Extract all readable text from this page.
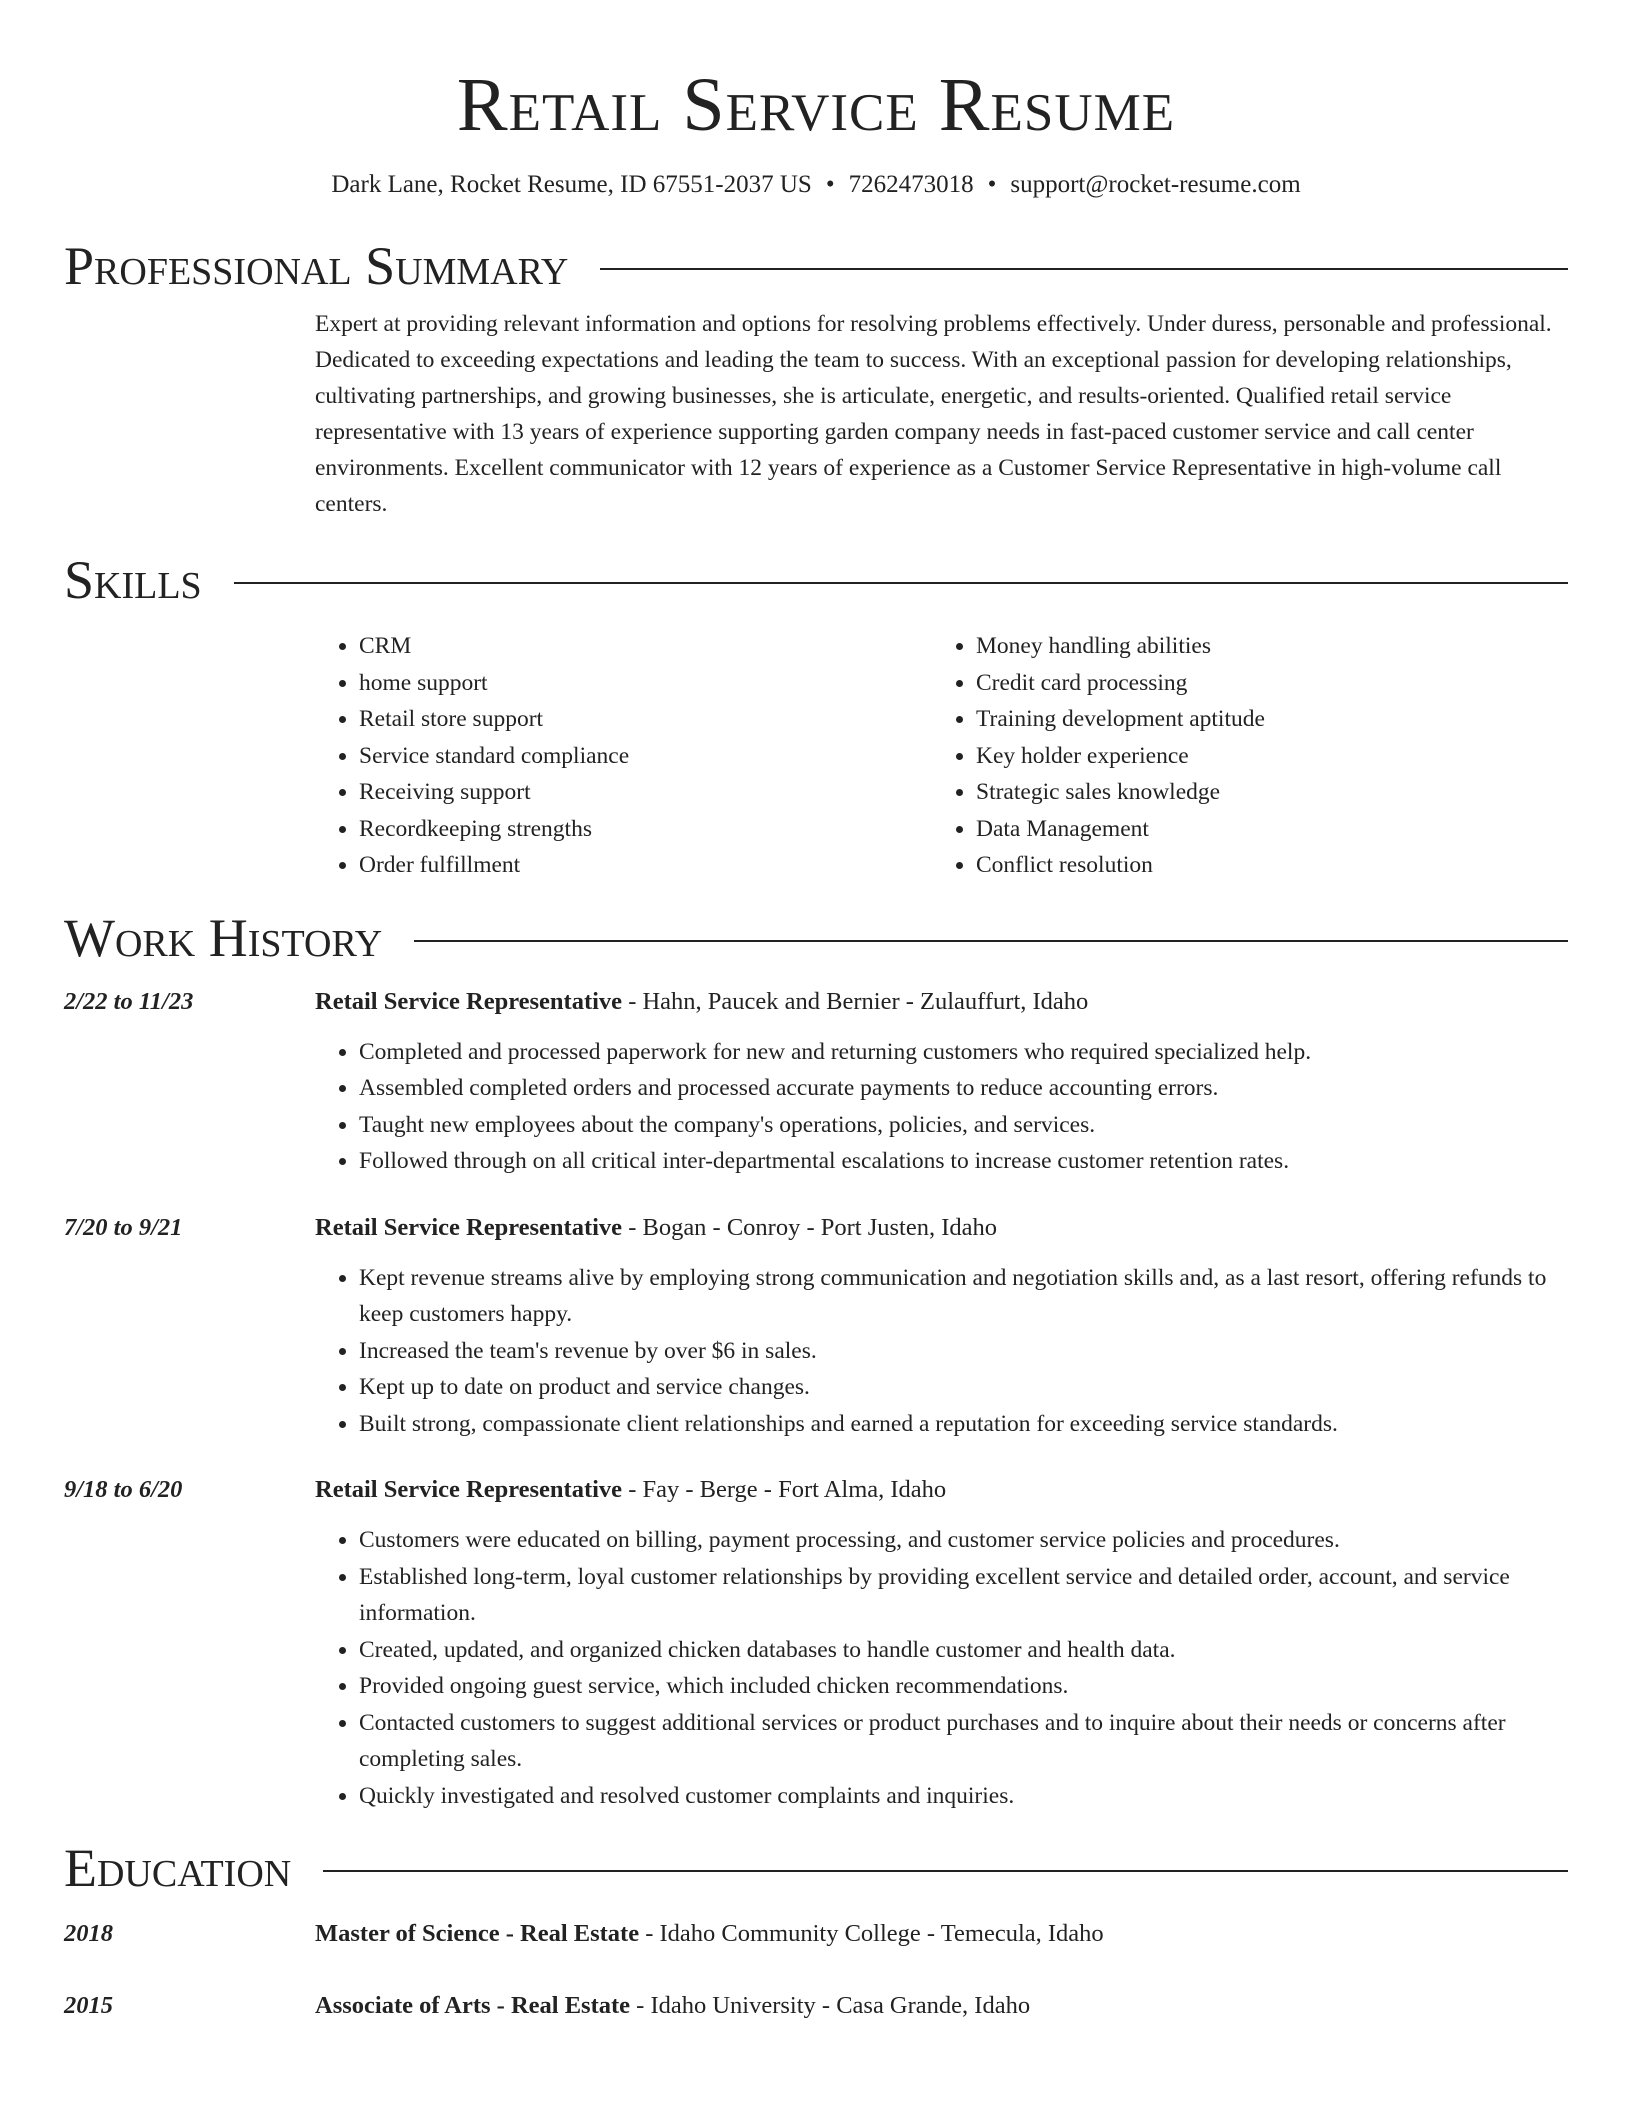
Retail Service Resume
Dark Lane, Rocket Resume, ID 67551-2037 US • 7262473018 • support@rocket-resume.com
Professional Summary

Expert at providing relevant information and options for resolving problems effectively. Under duress, personable and professional. Dedicated to exceeding expectations and leading the team to success. With an exceptional passion for developing relationships, cultivating partnerships, and growing businesses, she is articulate, energetic, and results-oriented. Qualified retail service representative with 13 years of experience supporting garden company needs in fast-paced customer service and call center environments. Excellent communicator with 12 years of experience as a Customer Service Representative in high-volume call centers.

Skills
• CRM
• home support
• Retail store support
• Service standard compliance
• Receiving support
• Recordkeeping strengths
• Order fulfillment
• Money handling abilities
• Credit card processing
• Training development aptitude
• Key holder experience
• Strategic sales knowledge
• Data Management
• Conflict resolution
Work History
2/22 to 11/23	Retail Service Representative - Hahn, Paucek and Bernier - Zulauffurt, Idaho
• Completed and processed paperwork for new and returning customers who required specialized help.
• Assembled completed orders and processed accurate payments to reduce accounting errors.
• Taught new employees about the company's operations, policies, and services.
• Followed through on all critical inter-departmental escalations to increase customer retention rates.
7/20 to 9/21	Retail Service Representative - Bogan - Conroy - Port Justen, Idaho
• Kept revenue streams alive by employing strong communication and negotiation skills and, as a last resort, offering refunds to keep customers happy.
• Increased the team's revenue by over $6 in sales.
• Kept up to date on product and service changes.
• Built strong, compassionate client relationships and earned a reputation for exceeding service standards.
9/18 to 6/20	Retail Service Representative - Fay - Berge - Fort Alma, Idaho
• Customers were educated on billing, payment processing, and customer service policies and procedures.
• Established long-term, loyal customer relationships by providing excellent service and detailed order, account, and service information.
• Created, updated, and organized chicken databases to handle customer and health data.
• Provided ongoing guest service, which included chicken recommendations.
• Contacted customers to suggest additional services or product purchases and to inquire about their needs or concerns after completing sales.
• Quickly investigated and resolved customer complaints and inquiries.
Education
2018	Master of Science - Real Estate - Idaho Community College - Temecula, Idaho
2015	Associate of Arts - Real Estate - Idaho University - Casa Grande, Idaho
